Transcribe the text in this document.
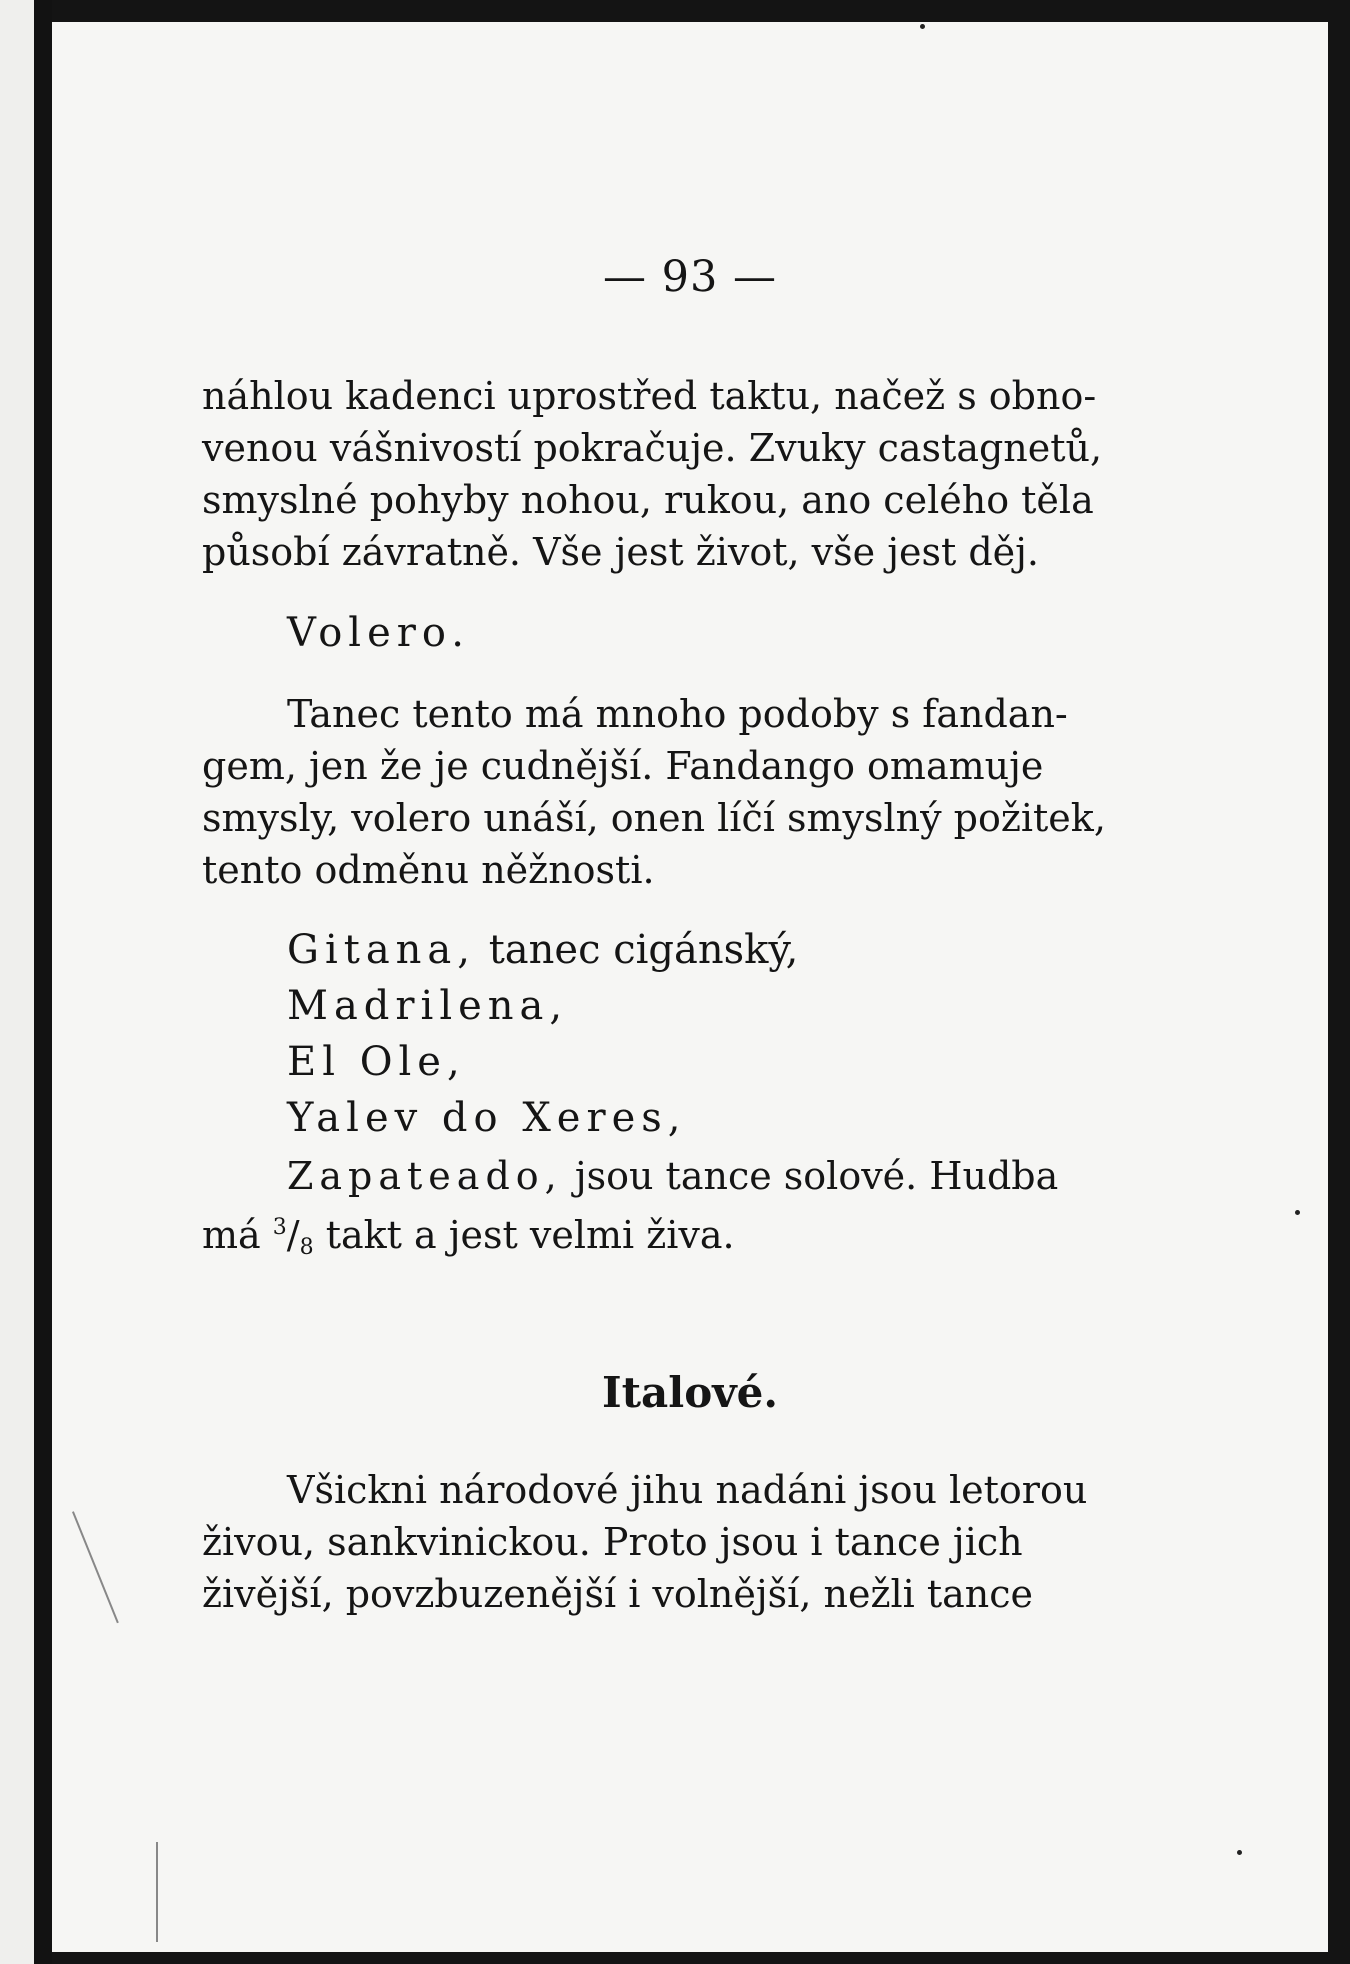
— 93 —

náhlou kadenci uprostřed taktu, načež s obno-
venou vášnivostí pokračuje. Zvuky castagnetů,
smyslné pohyby nohou, rukou, ano celého těla
působí závratně. Vše jest život, vše jest děj.

Volero.

Tanec tento má mnoho podoby s fandan-
gem, jen že je cudnější. Fandango omamuje
smysly, volero unáší, onen líčí smyslný požitek,
tento odměnu něžnosti.

Gitana, tanec cigánský,
Madrilena,
El Ole,
Yalev do Xeres,

Zapateado, jsou tance solové. Hudba
má $^3/_8$ takt a jest velmi živa.

Italové.

Všickni národové jihu nadáni jsou letorou
živou, sankvinickou. Proto jsou i tance jich
živější, povzbuzenější i volnější, nežli tance
